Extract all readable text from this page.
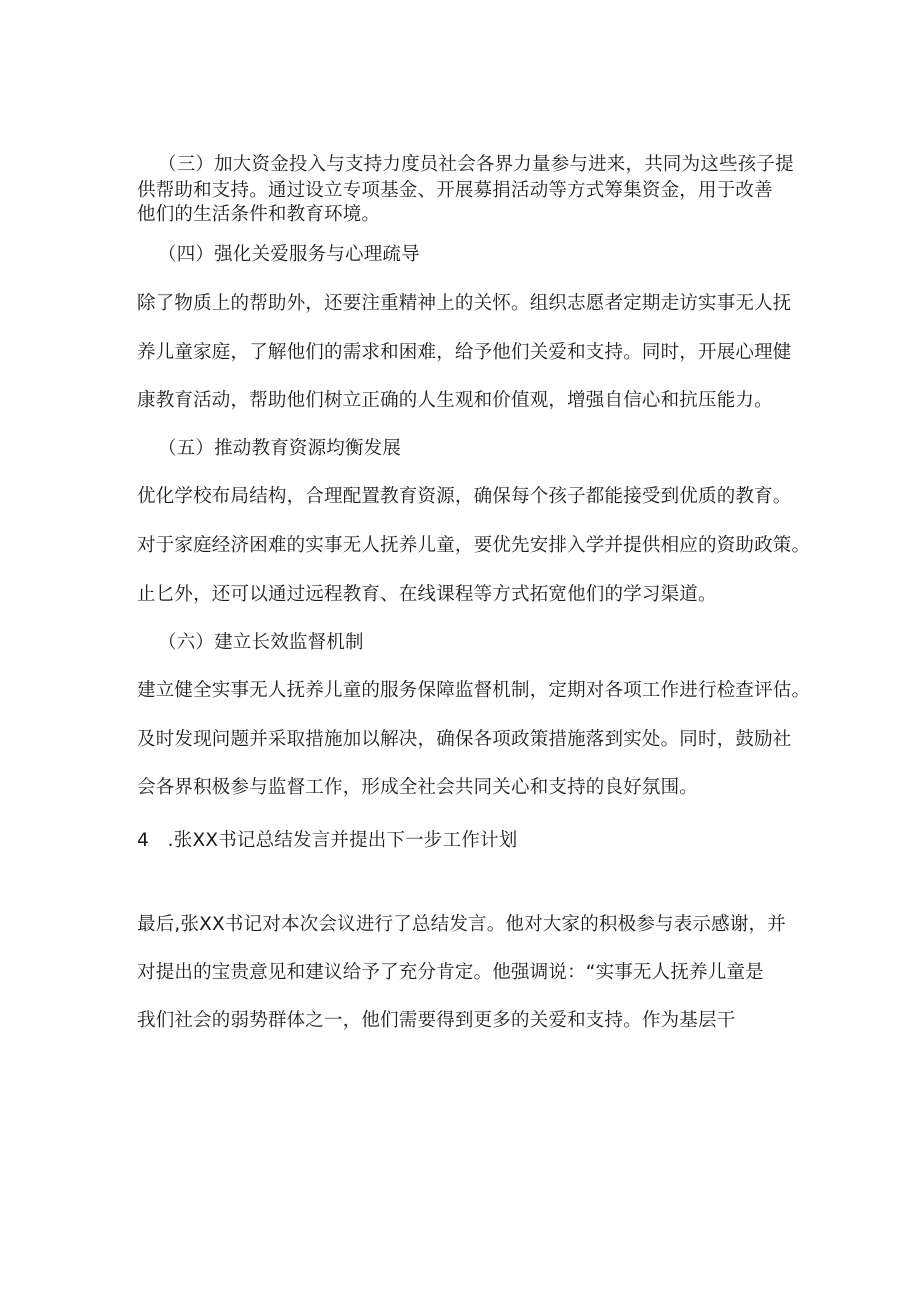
（三）加大资金投入与支持力度员社会各界力量参与进来，共同为这些孩子提
供帮助和支持。通过设立专项基金、开展募捐活动等方式筹集资金，用于改善
他们的生活条件和教育环境。
（四）强化关爱服务与心理疏导
除了物质上的帮助外，还要注重精神上的关怀。组织志愿者定期走访实事无人抚
养儿童家庭，了解他们的需求和困难，给予他们关爱和支持。同时，开展心理健
康教育活动，帮助他们树立正确的人生观和价值观，增强自信心和抗压能力。
（五）推动教育资源均衡发展
优化学校布局结构，合理配置教育资源，确保每个孩子都能接受到优质的教育。
对于家庭经济困难的实事无人抚养儿童，要优先安排入学并提供相应的资助政策。
止匕外，还可以通过远程教育、在线课程等方式拓宽他们的学习渠道。
（六）建立长效监督机制
建立健全实事无人抚养儿童的服务保障监督机制，定期对各项工作进行检查评估。
及时发现问题并采取措施加以解决，确保各项政策措施落到实处。同时，鼓励社
会各界积极参与监督工作，形成全社会共同关心和支持的良好氛围。
4　.张XX书记总结发言并提出下一步工作计划
最后,张XX书记对本次会议进行了总结发言。他对大家的积极参与表示感谢，并
对提出的宝贵意见和建议给予了充分肯定。他强调说：“实事无人抚养儿童是
我们社会的弱势群体之一，他们需要得到更多的关爱和支持。作为基层干
